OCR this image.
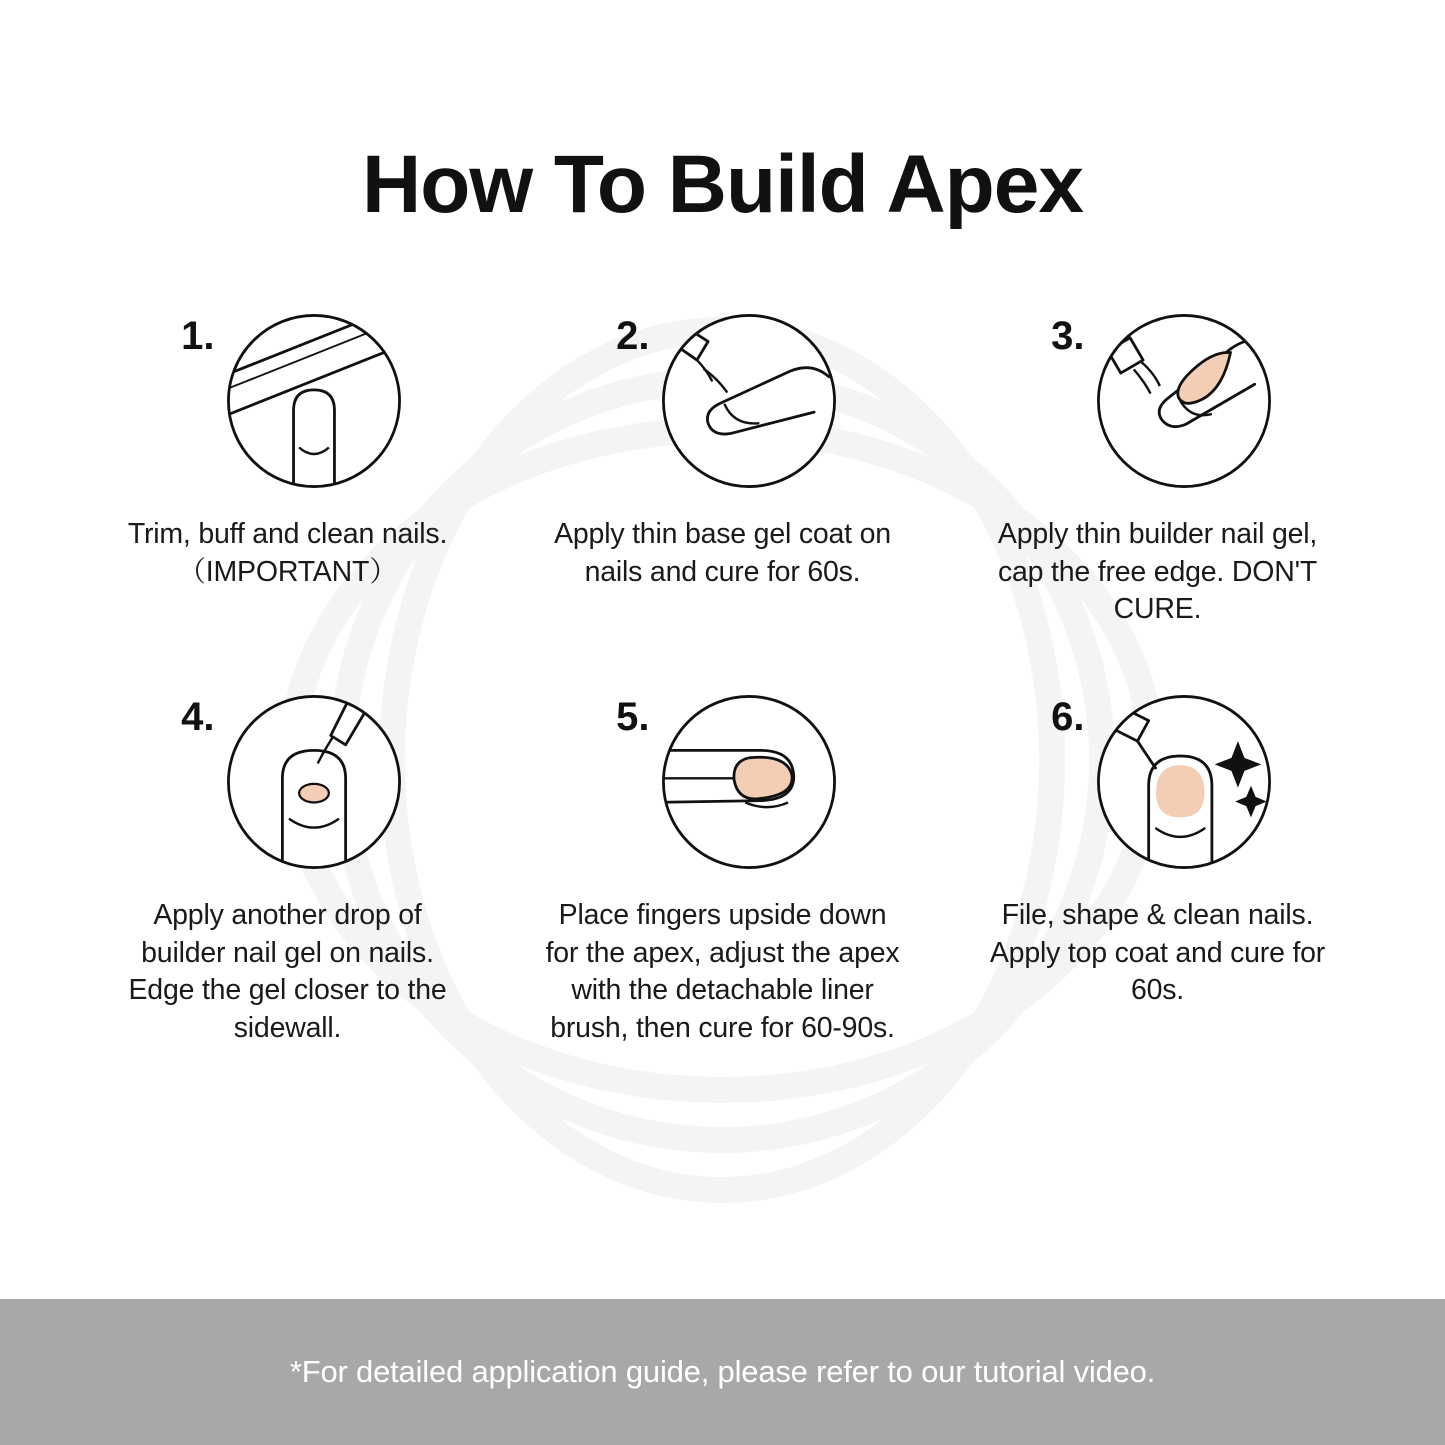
How To Build Apex
1.
Trim, buff and clean nails.（IMPORTANT）
2.
Apply thin base gel coat on nails and cure for 60s.
3.
Apply thin builder nail gel, cap the free edge. DON'T CURE.
4.
Apply another drop of builder nail gel on nails. Edge the gel closer to the sidewall.
5.
Place fingers upside down for the apex, adjust the apex with the detachable liner brush, then cure for 60-90s.
6.
File, shape & clean nails. Apply top coat and cure for 60s.
*For detailed application guide, please refer to our tutorial video.
